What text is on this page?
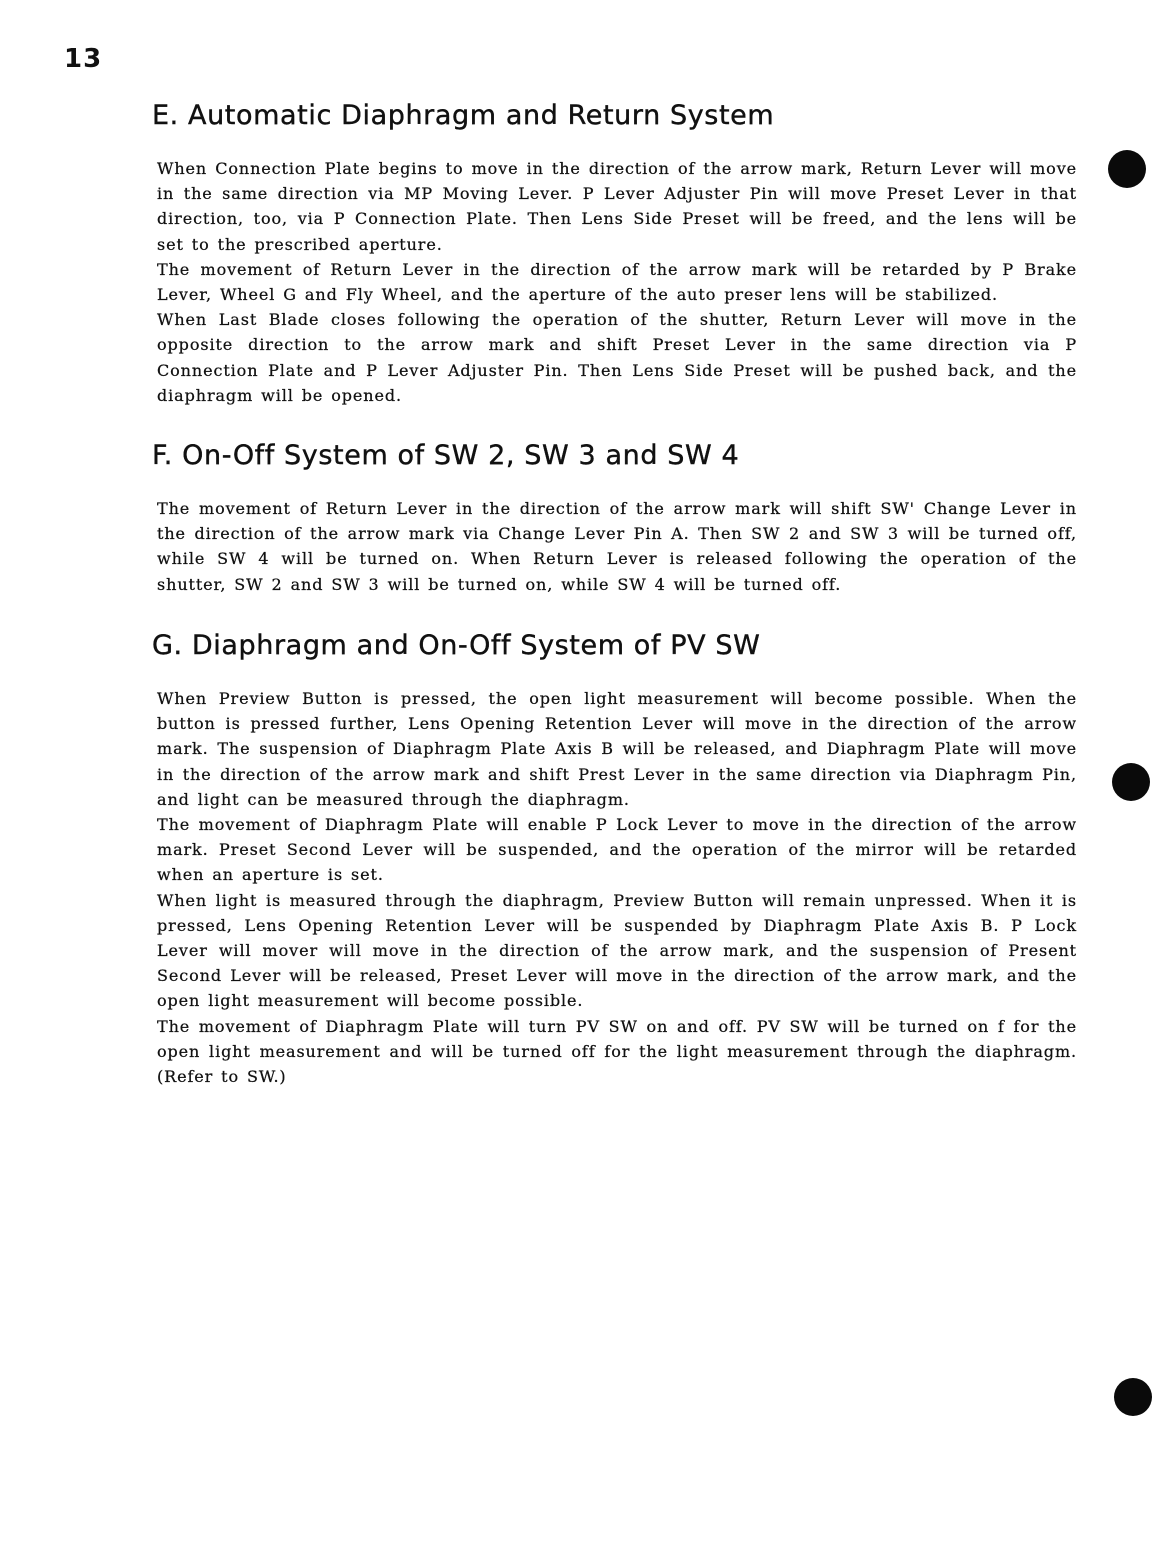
13
E. Automatic Diaphragm and Return System

When Connection Plate begins to move in the direction of the arrow mark, Return Lever will move in the same direction via MP Moving Lever. P Lever Adjuster Pin will move Preset Lever in that direction, too, via P Connection Plate. Then Lens Side Preset will be freed, and the lens will be set to the prescribed aperture.

The movement of Return Lever in the direction of the arrow mark will be retarded by P Brake Lever, Wheel G and Fly Wheel, and the aperture of the auto preser lens will be stabilized.

When Last Blade closes following the operation of the shutter, Return Lever will move in the opposite direction to the arrow mark and shift Preset Lever in the same direction via P Connection Plate and P Lever Adjuster Pin. Then Lens Side Preset will be pushed back, and the diaphragm will be opened.

F. On-Off System of SW 2, SW 3 and SW 4

The movement of Return Lever in the direction of the arrow mark will shift SW' Change Lever in the direction of the arrow mark via Change Lever Pin A. Then SW 2 and SW 3 will be turned off, while SW 4 will be turned on. When Return Lever is released following the operation of the shutter, SW 2 and SW 3 will be turned on, while SW 4 will be turned off.

G. Diaphragm and On-Off System of PV SW

When Preview Button is pressed, the open light measurement will become possible. When the button is pressed further, Lens Opening Retention Lever will move in the direction of the arrow mark. The suspension of Diaphragm Plate Axis B will be released, and Diaphragm Plate will move in the direction of the arrow mark and shift Prest Lever in the same direction via Diaphragm Pin, and light can be measured through the diaphragm.

The movement of Diaphragm Plate will enable P Lock Lever to move in the direction of the arrow mark. Preset Second Lever will be suspended, and the operation of the mirror will be retarded when an aperture is set.

When light is measured through the diaphragm, Preview Button will remain unpressed. When it is pressed, Lens Opening Retention Lever will be suspended by Diaphragm Plate Axis B. P Lock Lever will mover will move in the direction of the arrow mark, and the suspension of Present Second Lever will be released, Preset Lever will move in the direction of the arrow mark, and the open light measurement will become possible.

The movement of Diaphragm Plate will turn PV SW on and off. PV SW will be turned on f for the open light measurement and will be turned off for the light measurement through the diaphragm. (Refer to SW.)
